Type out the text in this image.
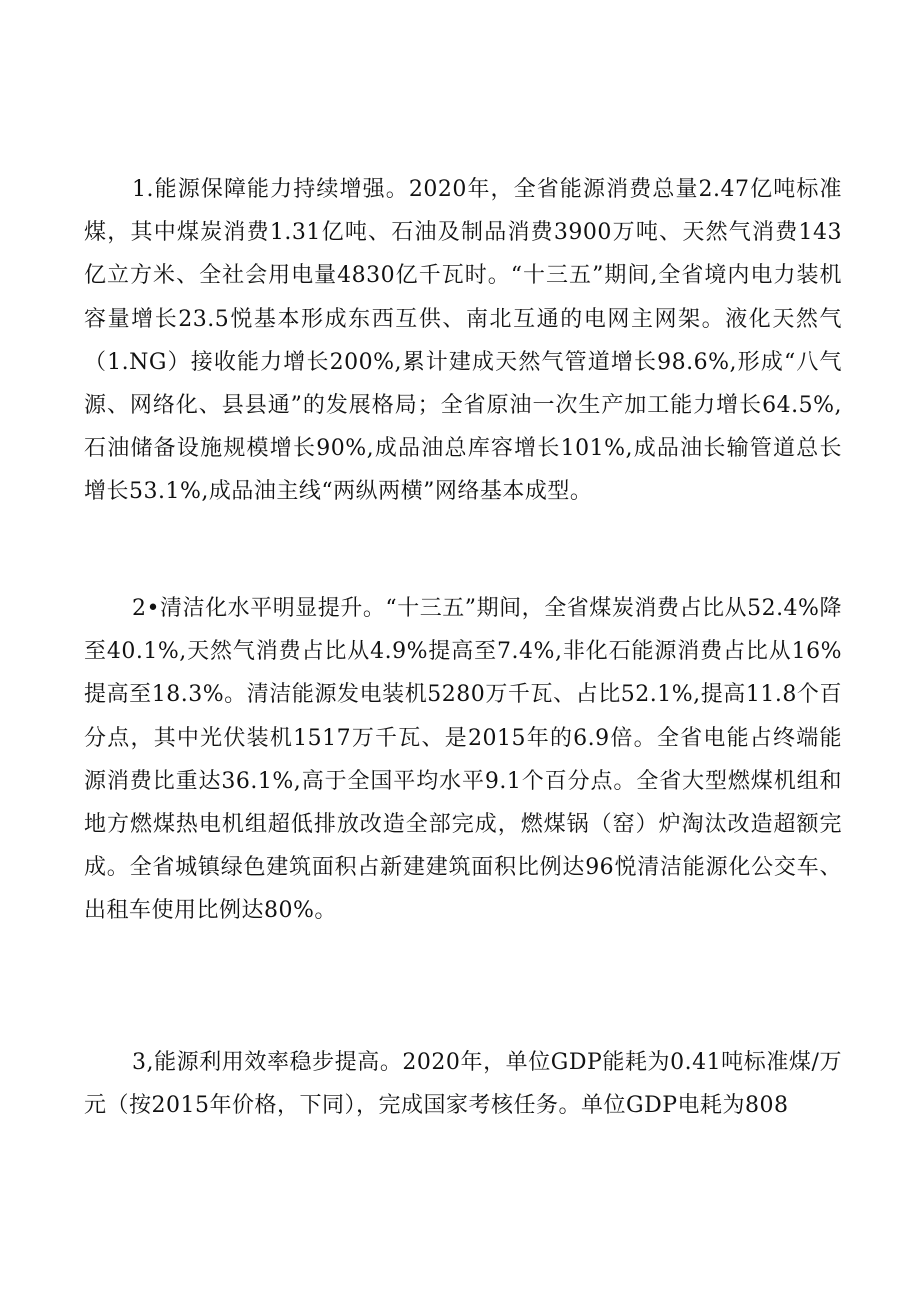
1.能源保障能力持续增强。2020年，全省能源消费总量2.47亿吨标准煤，其中煤炭消费1.31亿吨、石油及制品消费3900万吨、天然气消费143亿立方米、全社会用电量4830亿千瓦时。“十三五”期间,全省境内电力装机容量增长23.5悦基本形成东西互供、南北互通的电网主网架。液化天然气（1.NG）接收能力增长200%,累计建成天然气管道增长98.6%,形成“八气源、网络化、县县通”的发展格局；全省原油一次生产加工能力增长64.5%,石油储备设施规模增长90%,成品油总库容增长101%,成品油长输管道总长增长53.1%,成品油主线“两纵两横”网络基本成型。

2•清洁化水平明显提升。“十三五”期间，全省煤炭消费占比从52.4%降至40.1%,天然气消费占比从4.9%提高至7.4%,非化石能源消费占比从16%提高至18.3%。清洁能源发电装机5280万千瓦、占比52.1%,提高11.8个百分点，其中光伏装机1517万千瓦、是2015年的6.9倍。全省电能占终端能源消费比重达36.1%,高于全国平均水平9.1个百分点。全省大型燃煤机组和地方燃煤热电机组超低排放改造全部完成，燃煤锅（窑）炉淘汰改造超额完成。全省城镇绿色建筑面积占新建建筑面积比例达96悦清洁能源化公交车、出租车使用比例达80%。

3,能源利用效率稳步提高。2020年，单位GDP能耗为0.41吨标准煤/万元（按2015年价格，下同），完成国家考核任务。单位GDP电耗为808
